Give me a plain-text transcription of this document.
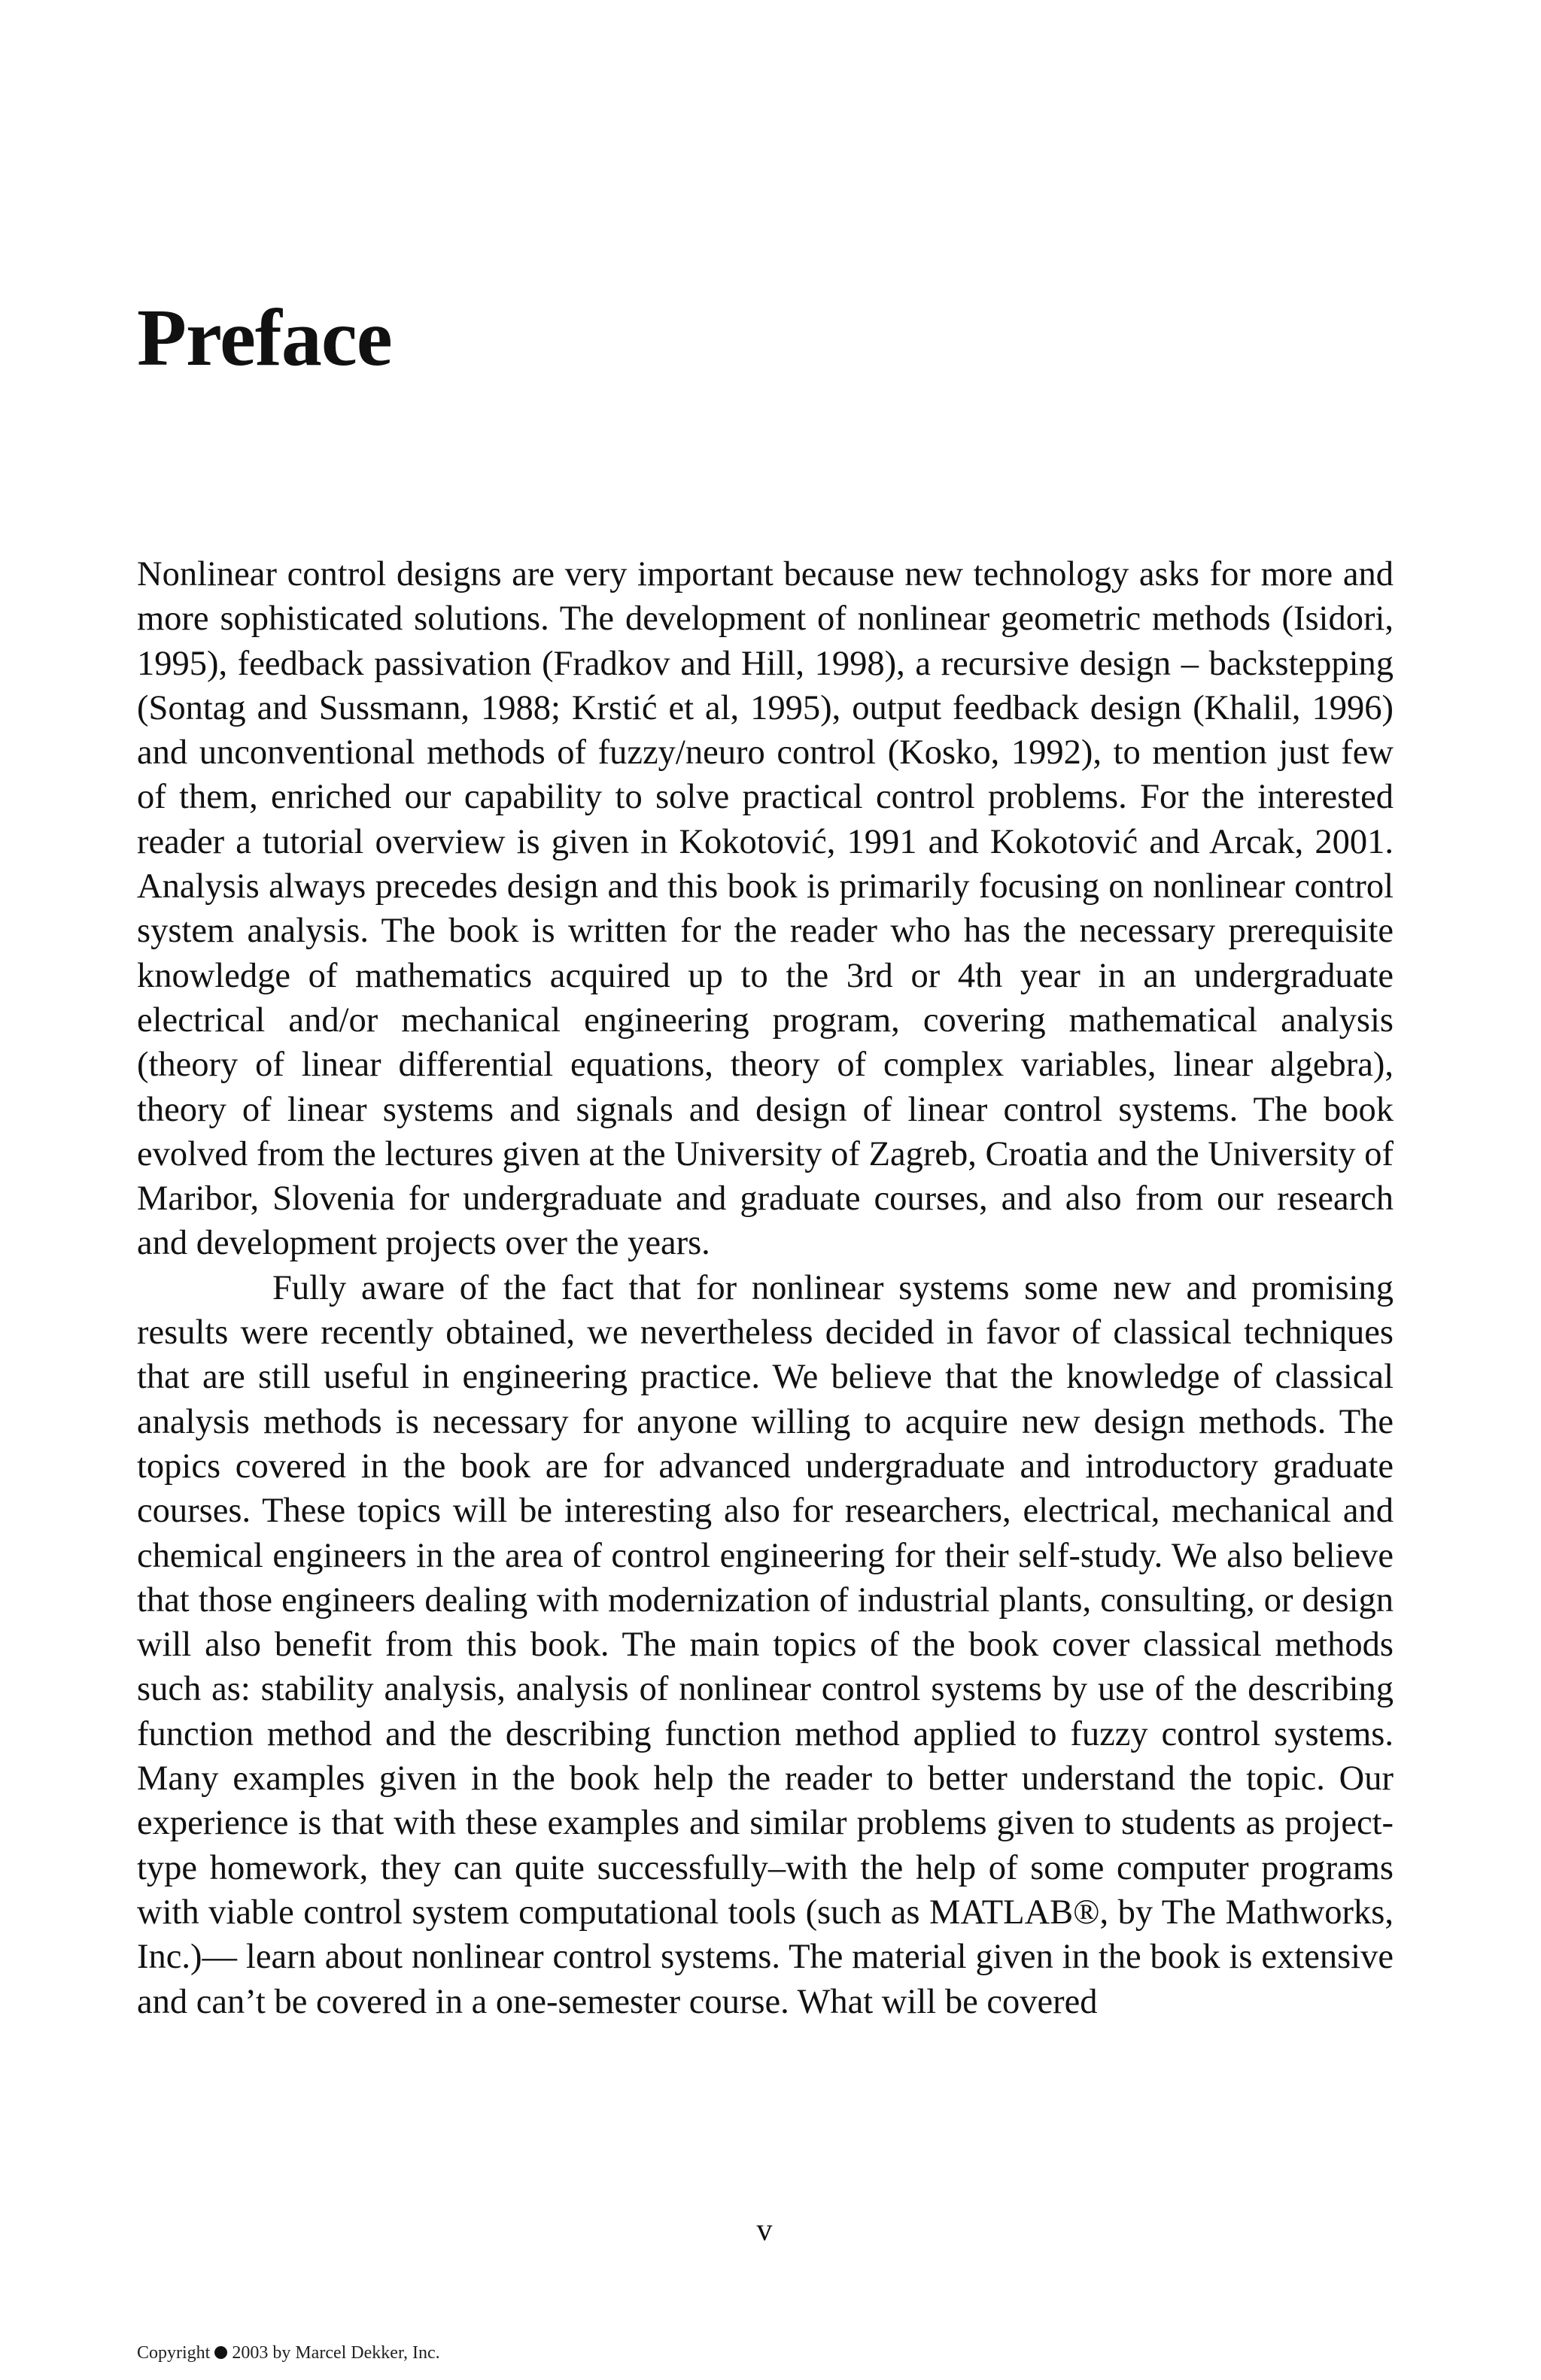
Preface

Nonlinear control designs are very important because new technology asks for more and more sophisticated solutions. The development of nonlinear geometric methods (Isidori, 1995), feedback passivation (Fradkov and Hill, 1998), a recursive design – backstepping (Sontag and Sussmann, 1988; Krstić et al, 1995), output feedback design (Khalil, 1996) and unconventional methods of fuzzy/neuro control (Kosko, 1992), to mention just few of them, enriched our capability to solve practical control problems. For the interested reader a tutorial overview is given in Kokotović, 1991 and Kokotović and Arcak, 2001. Analysis always precedes design and this book is primarily focusing on nonlinear control system analysis. The book is written for the reader who has the necessary prerequisite knowledge of mathematics acquired up to the 3rd or 4th year in an undergraduate electrical and/or mechanical engineering program, covering mathematical analysis (theory of linear differential equations, theory of complex variables, linear algebra), theory of linear systems and signals and design of linear control systems. The book evolved from the lectures given at the University of Zagreb, Croatia and the University of Maribor, Slovenia for undergraduate and graduate courses, and also from our research and development projects over the years.

Fully aware of the fact that for nonlinear systems some new and promising results were recently obtained, we nevertheless decided in favor of classical techniques that are still useful in engineering practice. We believe that the knowledge of classical analysis methods is necessary for anyone willing to acquire new design methods. The topics covered in the book are for advanced undergraduate and introductory graduate courses. These topics will be interesting also for researchers, electrical, mechanical and chemical engineers in the area of control engineering for their self-study. We also believe that those engineers dealing with modernization of industrial plants, consulting, or design will also benefit from this book. The main topics of the book cover classical methods such as: stability analysis, analysis of nonlinear control systems by use of the describing function method and the describing function method applied to fuzzy control systems. Many examples given in the book help the reader to better understand the topic. Our experience is that with these examples and similar problems given to students as project-type homework, they can quite successfully–with the help of some computer programs with viable control system computational tools (such as MATLAB®, by The Mathworks, Inc.)— learn about nonlinear control systems. The material given in the book is extensive and can’t be covered in a one-semester course. What will be covered

v
Copyright 2003 by Marcel Dekker, Inc.
